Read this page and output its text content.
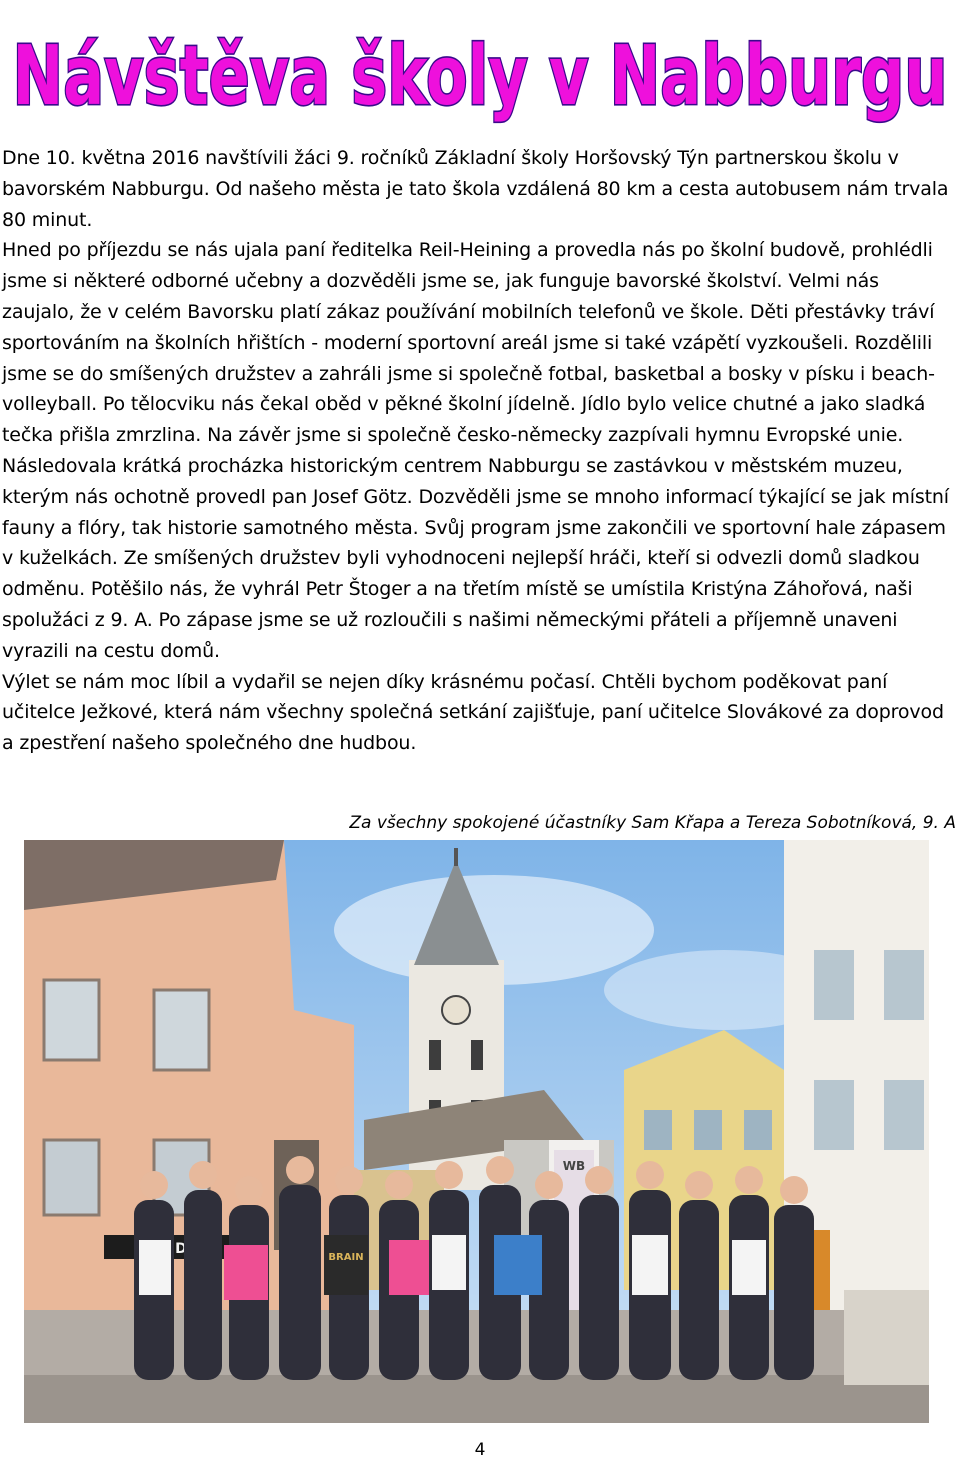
Návštěva školy v Nabburgu

Dne 10. května 2016 navštívili žáci 9. ročníků Základní školy Horšovský Týn partnerskou školu v bavorském Nabburgu. Od našeho města je tato škola vzdálená 80 km a cesta autobusem nám trvala 80 minut.

Hned po příjezdu se nás ujala paní ředitelka Reil-Heining a provedla nás po školní budově, prohlédli jsme si některé odborné učebny a dozvěděli jsme se, jak funguje bavorské školství. Velmi nás zaujalo, že v celém Bavorsku platí zákaz používání mobilních telefonů ve škole. Děti přestávky tráví sportováním na školních hřištích - moderní sportovní areál jsme si také vzápětí vyzkoušeli. Rozdělili jsme se do smíšených družstev a zahráli jsme si společně fotbal, basketbal a bosky v písku i beach-volleyball. Po tělocviku nás čekal oběd v pěkné školní jídelně. Jídlo bylo velice chutné a jako sladká tečka přišla zmrzlina. Na závěr jsme si společně česko-německy zazpívali hymnu Evropské unie.

Následovala krátká procházka historickým centrem Nabburgu se zastávkou v městském muzeu, kterým nás ochotně provedl pan Josef Götz. Dozvěděli jsme se mnoho informací týkající se jak místní fauny a flóry, tak historie samotného města. Svůj program jsme zakončili ve sportovní hale zápasem v kuželkách. Ze smíšených družstev byli vyhodnoceni nejlepší hráči, kteří si odvezli domů sladkou odměnu. Potěšilo nás, že vyhrál Petr Štoger a na třetím místě se umístila Kristýna Záhořová, naši spolužáci z 9. A. Po zápase jsme se už rozloučili s našimi německými přáteli a příjemně unaveni vyrazili na cestu domů.

Výlet se nám moc líbil a vydařil se nejen díky krásnému počasí. Chtěli bychom poděkovat paní učitelce Ježkové, která nám všechny společná setkání zajišťuje, paní učitelce Slovákové za doprovod a zpestření našeho společného dne hudbou.

Za všechny spokojené účastníky Sam Křapa a Tereza Sobotníková, 9. A
WB
BRAIN
4
